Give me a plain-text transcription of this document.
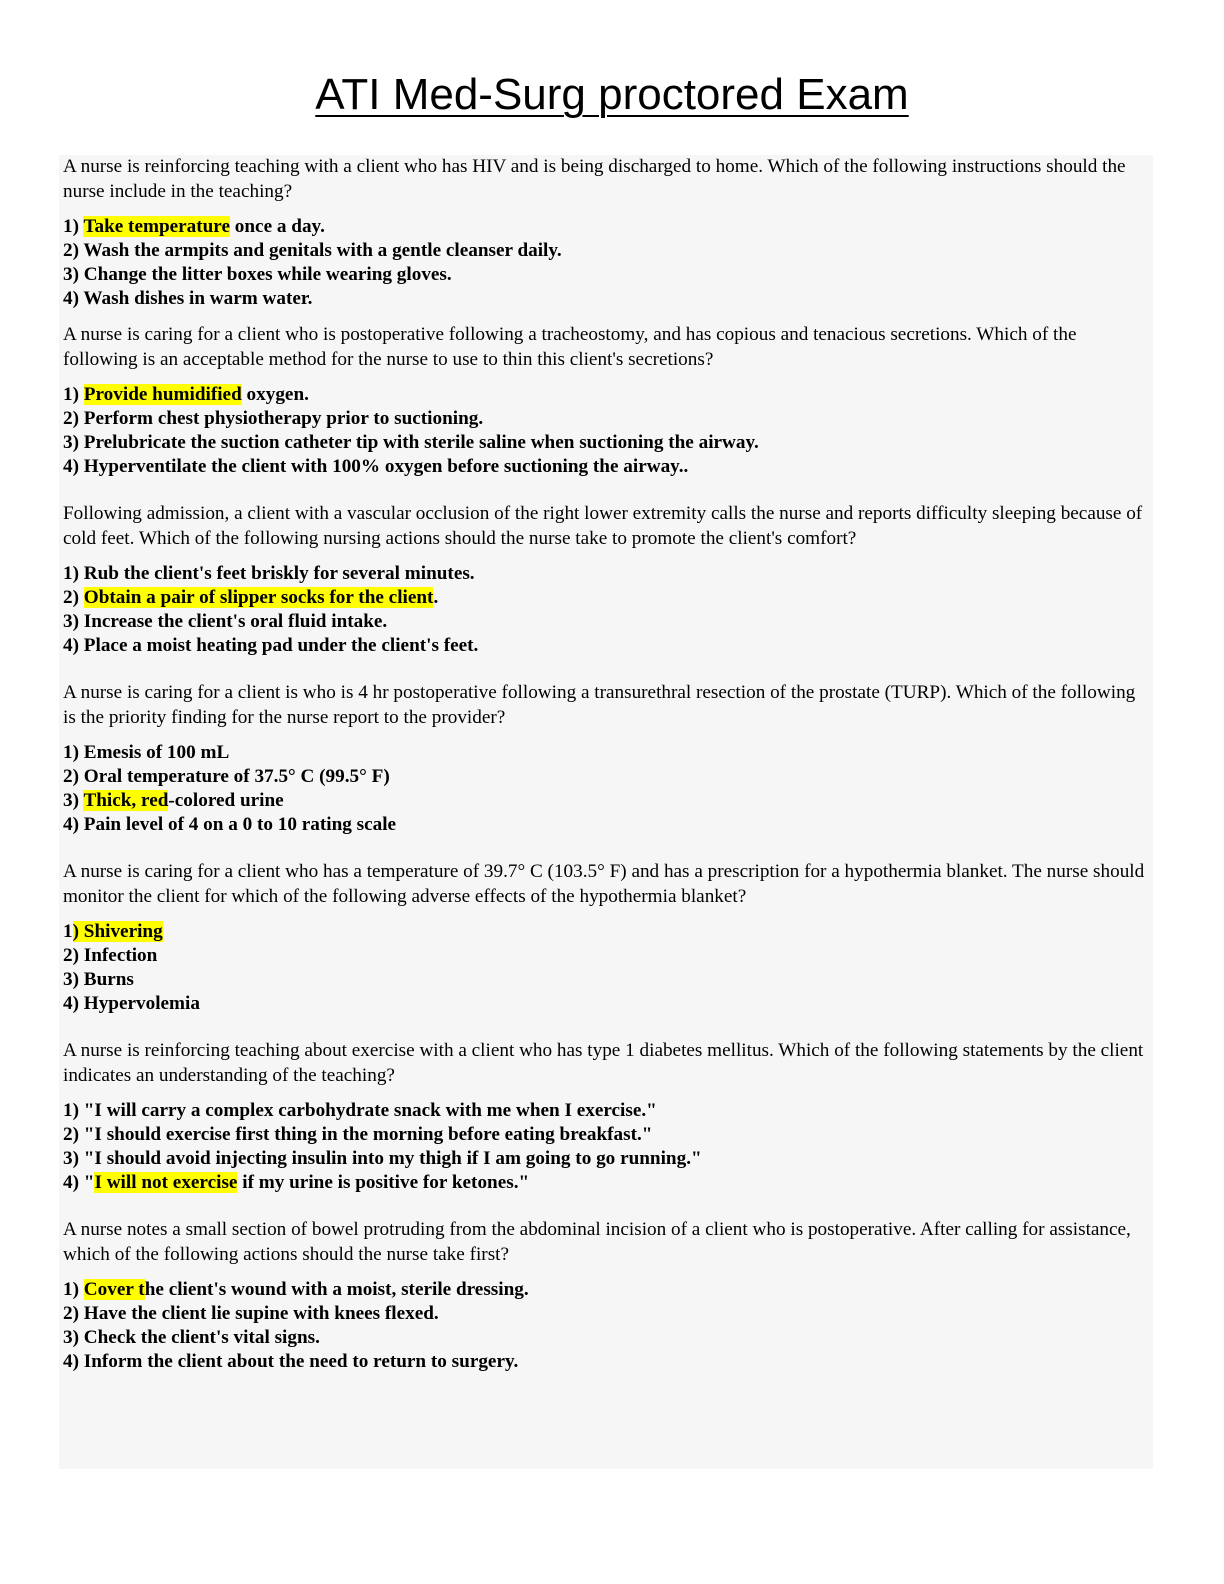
ATI Med-Surg proctored Exam

A nurse is reinforcing teaching with a client who has HIV and is being discharged to home. Which of the following instructions should the nurse include in the teaching?

1) Take temperature once a day.
2) Wash the armpits and genitals with a gentle cleanser daily.
3) Change the litter boxes while wearing gloves.
4) Wash dishes in warm water.

A nurse is caring for a client who is postoperative following a tracheostomy, and has copious and tenacious secretions. Which of the following is an acceptable method for the nurse to use to thin this client's secretions?

1) Provide humidified oxygen.
2) Perform chest physiotherapy prior to suctioning.
3) Prelubricate the suction catheter tip with sterile saline when suctioning the airway.
4) Hyperventilate the client with 100% oxygen before suctioning the airway..

Following admission, a client with a vascular occlusion of the right lower extremity calls the nurse and reports difficulty sleeping because of cold feet. Which of the following nursing actions should the nurse take to promote the client's comfort?

1) Rub the client's feet briskly for several minutes.
2) Obtain a pair of slipper socks for the client.
3) Increase the client's oral fluid intake.
4) Place a moist heating pad under the client's feet.

A nurse is caring for a client is who is 4 hr postoperative following a transurethral resection of the prostate (TURP). Which of the following is the priority finding for the nurse report to the provider?

1) Emesis of 100 mL
2) Oral temperature of 37.5° C (99.5° F)
3) Thick, red-colored urine
4) Pain level of 4 on a 0 to 10 rating scale

A nurse is caring for a client who has a temperature of 39.7° C (103.5° F) and has a prescription for a hypothermia blanket. The nurse should monitor the client for which of the following adverse effects of the hypothermia blanket?

1) Shivering
2) Infection
3) Burns
4) Hypervolemia

A nurse is reinforcing teaching about exercise with a client who has type 1 diabetes mellitus. Which of the following statements by the client indicates an understanding of the teaching?

1) "I will carry a complex carbohydrate snack with me when I exercise."
2) "I should exercise first thing in the morning before eating breakfast."
3) "I should avoid injecting insulin into my thigh if I am going to go running."
4) "I will not exercise if my urine is positive for ketones."

A nurse notes a small section of bowel protruding from the abdominal incision of a client who is postoperative. After calling for assistance, which of the following actions should the nurse take first?

1) Cover the client's wound with a moist, sterile dressing.
2) Have the client lie supine with knees flexed.
3) Check the client's vital signs.
4) Inform the client about the need to return to surgery.
